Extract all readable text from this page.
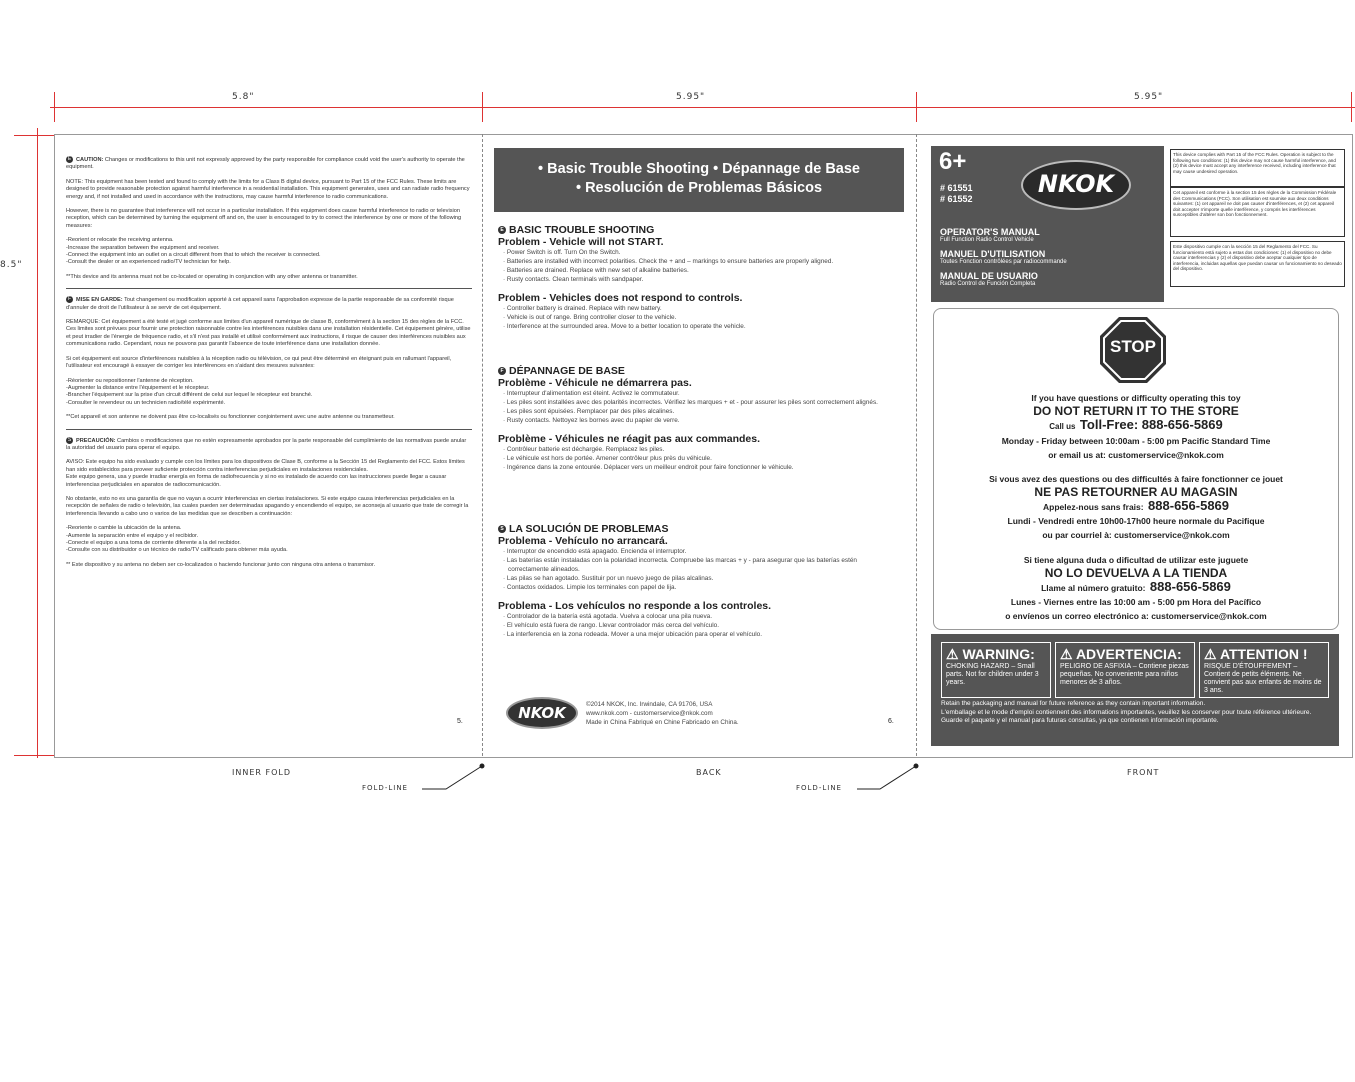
5.8"	5.95"	5.95"
8.5"
INNER FOLD	BACK	FRONT
FOLD-LINE	FOLD-LINE

E CAUTION: Changes or modifications to this unit not expressly approved by the party responsible for compliance could void the user's authority to operate the equipment.

NOTE: This equipment has been tested and found to comply with the limits for a Class B digital device, pursuant to Part 15 of the FCC Rules. These limits are designed to provide reasonable protection against harmful interference in a residential installation. This equipment generates, uses and can radiate radio frequency energy and, if not installed and used in accordance with the instructions, may cause harmful interference to radio communications.

However, there is no guarantee that interference will not occur in a particular installation. If this equipment does cause harmful interference to radio or television reception, which can be determined by turning the equipment off and on, the user is encouraged to try to correct the interference by one or more of the following measures:

-Reorient or relocate the receiving antenna.

-Increase the separation between the equipment and receiver.

-Connect the equipment into an outlet on a circuit different from that to which the receiver is connected.

-Consult the dealer or an experienced radio/TV technician for help.

**This device and its antenna must not be co-located or operating in conjunction with any other antenna or transmitter.

F MISE EN GARDE: Tout changement ou modification apporté à cet appareil sans l'approbation expresse de la partie responsable de sa conformité risque d'annuler de droit de l'utilisateur à se servir de cet équipement.

REMARQUE: Cet équipement a été testé et jugé conforme aux limites d'un appareil numérique de classe B, conformément à la section 15 des règles de la FCC. Ces limites sont prévues pour fournir une protection raisonnable contre les interférences nuisibles dans une installation résidentielle. Cet équipement génère, utilise et peut irradier de l'énergie de fréquence radio, et s'il n'est pas installé et utilisé conformément aux instructions, il risque de causer des interférences nuisibles aux communications radio. Cependant, nous ne pouvons pas garantir l'absence de toute interférence dans une installation donnée.

Si cet équipement est source d'interférences nuisibles à la réception radio ou télévision, ce qui peut être déterminé en éteignant puis en rallumant l'appareil, l'utilisateur est encouragé à essayer de corriger les interférences en s'aidant des mesures suivantes:

-Réorienter ou repositionner l'antenne de réception.

-Augmenter la distance entre l'équipement et le récepteur.

-Brancher l'équipement sur la prise d'un circuit différent de celui sur lequel le récepteur est branché.

-Consulter le revendeur ou un technicien radio/télé expérimenté.

**Cet appareil et son antenne ne doivent pas être co-localisés ou fonctionner conjointement avec une autre antenne ou transmetteur.

S PRECAUCIÓN: Cambios o modificaciones que no estén expresamente aprobados por la parte responsable del cumplimiento de las normativas puede anular la autoridad del usuario para operar el equipo.

AVISO: Este equipo ha sido evaluado y cumple con los límites para los dispositivos de Clase B, conforme a la Sección 15 del Reglamento del FCC. Estos límites han sido establecidos para proveer suficiente protección contra interferencias perjudiciales en instalaciones residenciales.

Este equipo genera, usa y puede irradiar energía en forma de radiofrecuencia y si no es instalado de acuerdo con las instrucciones puede llegar a causar interferencias perjudiciales en aparatos de radiocomunicación.

No obstante, esto no es una garantía de que no vayan a ocurrir interferencias en ciertas instalaciones. Si este equipo causa interferencias perjudiciales en la recepción de señales de radio o televisión, las cuales pueden ser determinadas apagando y encendiendo el equipo, se aconseja al usuario que trate de corregir la interferencia llevando a cabo uno o varios de las medidas que se describen a continuación:

-Reoriente o cambie la ubicación de la antena.

-Aumente la separación entre el equipo y el recibidor.

-Conecte el equipo a una toma de corriente diferente a la del recibidor.

-Consulte con su distribuidor o un técnico de radio/TV calificado para obtener más ayuda.

** Este dispositivo y su antena no deben ser co-localizados o haciendo funcionar junto con ninguna otra antena o transmisor.

5.
• Basic Trouble Shooting • Dépannage de Base
• Resolución de Problemas Básicos
E BASIC TROUBLE SHOOTING
Problem - Vehicle will not START.
· Power Switch is off. Turn On the Switch.
· Batteries are installed with incorrect polarities. Check the + and – markings to ensure batteries are properly aligned.
· Batteries are drained. Replace with new set of alkaline batteries.
· Rusty contacts. Clean terminals with sandpaper.
Problem - Vehicles does not respond to controls.
· Controller battery is drained. Replace with new battery.
· Vehicle is out of range. Bring controller closer to the vehicle.
· Interference at the surrounded area. Move to a better location to operate the vehicle.
F DÉPANNAGE DE BASE
Problème - Véhicule ne démarrera pas.
· Interrupteur d'alimentation est éteint. Activez le commutateur.
· Les piles sont installées avec des polarités incorrectes. Vérifiez les marques + et - pour assurer les piles sont correctement alignés.
· Les piles sont épuisées. Remplacer par des piles alcalines.
· Rusty contacts. Nettoyez les bornes avec du papier de verre.
Problème - Véhicules ne réagit pas aux commandes.
· Contrôleur batterie est déchargée. Remplacez les piles.
· Le véhicule est hors de portée. Amener contrôleur plus près du véhicule.
· Ingérence dans la zone entourée. Déplacer vers un meilleur endroit pour faire fonctionner le véhicule.
S LA SOLUCIÓN DE PROBLEMAS
Problema - Vehículo no arrancará.
· Interruptor de encendido está apagado. Encienda el interruptor.
· Las baterías están instaladas con la polaridad incorrecta. Compruebe las marcas + y - para asegurar que las baterías estén correctamente alineados.
· Las pilas se han agotado. Sustituir por un nuevo juego de pilas alcalinas.
· Contactos oxidados. Limpie los terminales con papel de lija.
Problema - Los vehículos no responde a los controles.
· Controlador de la batería está agotada. Vuelva a colocar una pila nueva.
· El vehículo está fuera de rango. Llevar controlador más cerca del vehículo.
· La interferencia en la zona rodeada. Mover a una mejor ubicación para operar el vehículo.
NKOK	©2014 NKOK, Inc. Irwindale, CA 91706, USA
www.nkok.com - customerservice@nkok.com
Made in China Fabriqué en Chine Fabricado en China.	6.
6+
# 61551
# 61552
NKOK
OPERATOR'S MANUAL
Full Function Radio Control Vehicle
MANUEL D'UTILISATION
Toutes Fonction contrôlées par radiocommande
MANUAL DE USUARIO
Radio Control de Función Completa
This device complies with Part 15 of the FCC Rules. Operation is subject to the following two conditions: (1) this device may not cause harmful interference, and (2) this device must accept any interference received, including interference that may cause undesired operation.
Cet appareil est conforme à la section 15 des règles de la Commission Fédérale des Communications (FCC). Son utilisation est soumise aux deux conditions suivantes: (1) cet appareil ne doit pas causer d'interférences, et (2) cet appareil doit accepter n'importe quelle interférence, y compris les interférences susceptibles d'altérer son bon fonctionnement.
Este dispositivo cumple con la sección 15 del Reglamento del FCC. Su funcionamiento está sujeto a estas dos condiciones: (1) el dispositivo no debe causar interferencias y (2) el dispositivo debe aceptar cualquier tipo de interferencia, incluidas aquellas que puedan causar un funcionamiento no deseado del dispositivo.
STOP
If you have questions or difficulty operating this toy
DO NOT RETURN IT TO THE STORE
Call us Toll-Free: 888-656-5869
Monday - Friday between 10:00am - 5:00 pm Pacific Standard Time
or email us at: customerservice@nkok.com
Si vous avez des questions ou des difficultés à faire fonctionner ce jouet
NE PAS RETOURNER AU MAGASIN
Appelez-nous sans frais: 888-656-5869
Lundi - Vendredi entre 10h00-17h00 heure normale du Pacifique
ou par courriel à: customerservice@nkok.com
Si tiene alguna duda o dificultad de utilizar este juguete
NO LO DEVUELVA A LA TIENDA
Llame al número gratuito: 888-656-5869
Lunes - Viernes entre las 10:00 am - 5:00 pm Hora del Pacífico
o envíenos un correo electrónico a: customerservice@nkok.com
⚠ WARNING:
CHOKING HAZARD – Small parts. Not for children under 3 years.
⚠ ADVERTENCIA:
PELIGRO DE ASFIXIA – Contiene piezas pequeñas. No conveniente para niños menores de 3 años.
⚠ ATTENTION !
RISQUE D'ÉTOUFFEMENT – Contient de petits éléments. Ne convient pas aux enfants de moins de 3 ans.
Retain the packaging and manual for future reference as they contain important information.
L'emballage et le mode d'emploi contiennent des informations importantes, veuillez les conserver pour toute référence ultérieure.
Guarde el paquete y el manual para futuras consultas, ya que contienen información importante.
